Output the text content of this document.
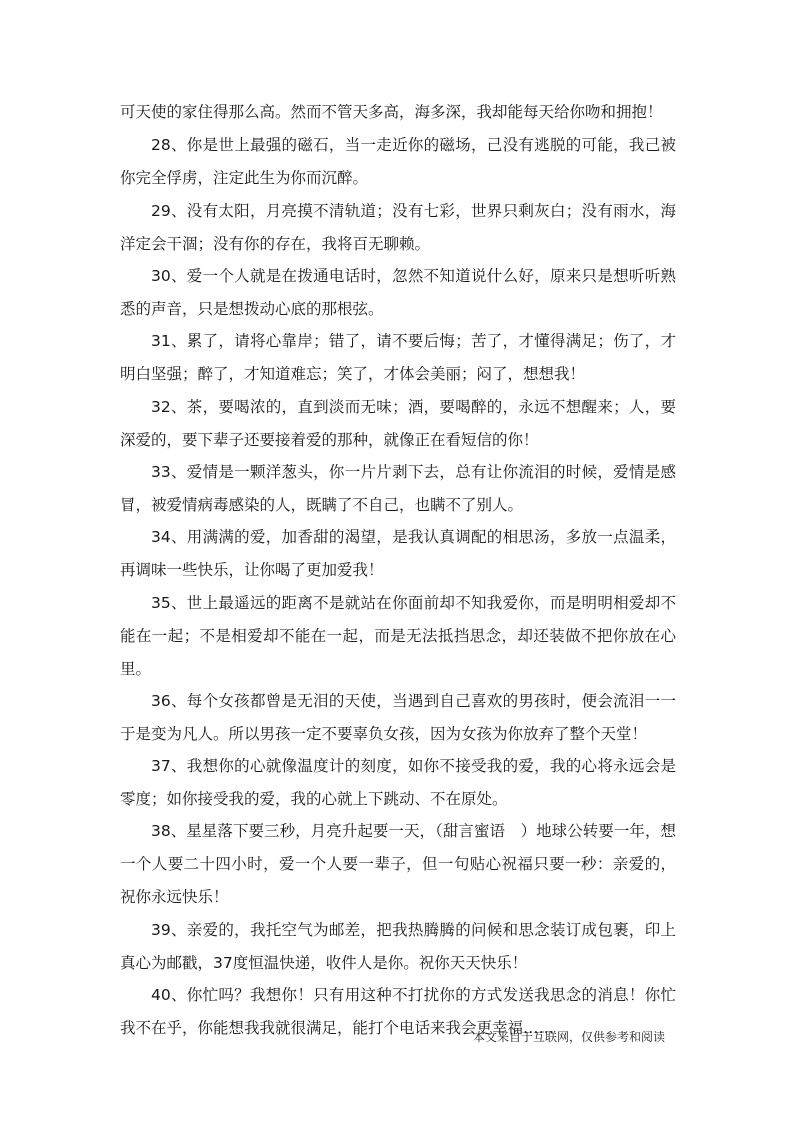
可天使的家住得那么高。然而不管天多高，海多深，我却能每天给你吻和拥抱！

28、你是世上最强的磁石，当一走近你的磁场，己没有逃脱的可能，我己被你完全俘虏，注定此生为你而沉醉。

29、没有太阳，月亮摸不清轨道；没有七彩，世界只剩灰白；没有雨水，海洋定会干涸；没有你的存在，我将百无聊赖。

30、爱一个人就是在拨通电话时，忽然不知道说什么好，原来只是想听听熟悉的声音，只是想拨动心底的那根弦。

31、累了，请将心靠岸；错了，请不要后悔；苦了，才懂得满足；伤了，才明白坚强；醉了，才知道难忘；笑了，才体会美丽；闷了，想想我！

32、茶，要喝浓的，直到淡而无味；酒，要喝醉的，永远不想醒来；人，要深爱的，要下辈子还要接着爱的那种，就像正在看短信的你！

33、爱情是一颗洋葱头，你一片片剥下去，总有让你流泪的时候，爱情是感冒，被爱情病毒感染的人，既瞒了不自己，也瞒不了别人。

34、用满满的爱，加香甜的渴望，是我认真调配的相思汤，多放一点温柔，再调味一些快乐，让你喝了更加爱我！

35、世上最遥远的距离不是就站在你面前却不知我爱你，而是明明相爱却不能在一起；不是相爱却不能在一起，而是无法抵挡思念，却还装做不把你放在心里。

36、每个女孩都曾是无泪的天使，当遇到自己喜欢的男孩时，便会流泪一一于是变为凡人。所以男孩一定不要辜负女孩，因为女孩为你放弃了整个天堂！

37、我想你的心就像温度计的刻度，如你不接受我的爱，我的心将永远会是零度；如你接受我的爱，我的心就上下跳动、不在原处。

38、星星落下要三秒，月亮升起要一天，（甜言蜜语　）地球公转要一年，想一个人要二十四小时，爱一个人要一辈子，但一句贴心祝福只要一秒：亲爱的，祝你永远快乐！

39、亲爱的，我托空气为邮差，把我热腾腾的问候和思念装订成包裹，印上真心为邮戳，37度恒温快递，收件人是你。祝你天天快乐！

40、你忙吗？我想你！只有用这种不打扰你的方式发送我思念的消息！你忙我不在乎，你能想我我就很满足，能打个电话来我会更幸福……

本文来自于互联网，仅供参考和阅读
